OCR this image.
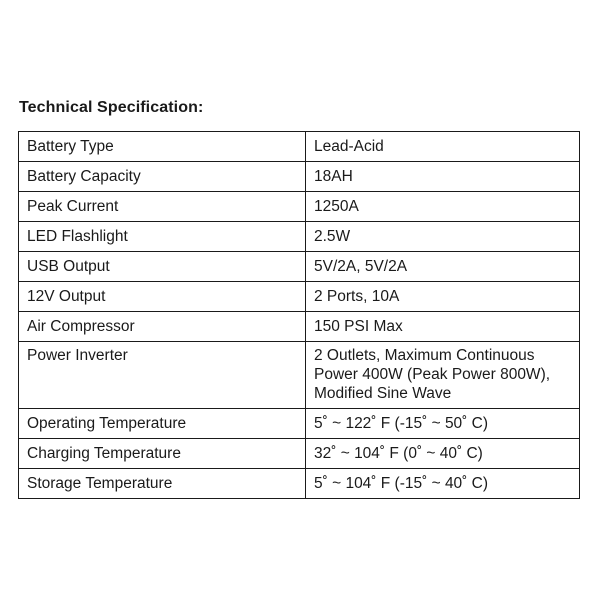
Technical Specification:
Battery Type	Lead-Acid
Battery Capacity	18AH
Peak Current	1250A
LED Flashlight	2.5W
USB Output	5V/2A, 5V/2A
12V Output	2 Ports, 10A
Air Compressor	150 PSI Max
Power Inverter	2 Outlets, Maximum Continuous
Power 400W (Peak Power 800W),
Modified Sine Wave

Operating Temperature	5˚ ~ 122˚ F (-15˚ ~ 50˚ C)
Charging Temperature	32˚ ~ 104˚ F (0˚ ~ 40˚ C)
Storage Temperature	5˚ ~ 104˚ F (-15˚ ~ 40˚ C)
